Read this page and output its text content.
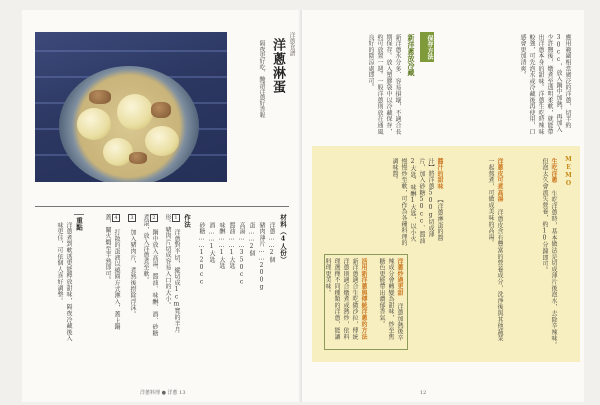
洋蔥食譜
洋蔥淋蛋
隔夜更好吃、醃漬洋蔥好香喔
材料（4人份）
洋蔥……2個
豬肉薄片……200g
蛋……2個
高湯……350cc
醬油……1大匙
味醂……1大匙
酒……1大匙
砂糖……120cc
作法
1 洋蔥對半切，縱切成1cm寬的半月形。豬肉片切成容易入口的大小。
2 鍋中放入高湯、醬油、味醂、酒、砂糖煮滾，放入洋蔥煮至軟。
3 加入豬肉片，煮熟後撈除浮沫。
4 打散的蛋液以繞圈方式淋入，蓋上鍋蓋，關火燜至半熟即可。
重點
洋蔥煮到軟透更能釋放甜味，隔夜冷藏後入味更佳，可依個人喜好調整。
洋蔥料理 ● 洋蔥 13
應用範圍相當廣泛的洋蔥，切半約30cc，放入鍋中加熱，再加入少許鹽後，燉煮至透明柔軟，就能帶出洋蔥本身的甜味。洋蔥生吃時辣味較強，可先泡水或冷藏後再使用，口感會更加清爽。
保存方法
新洋蔥放冷藏
新洋蔥水分多、容易損壞，不適合長期保存。放入塑膠袋中以冷藏保存，約可放置一週。一般洋蔥則放在通風良好的陰涼處即可。
MEMO
生吃洋蔥 生吃洋蔥時，基本做法是切成薄片後泡水，去除辛辣味。但泡太久會流失營養，約10分鐘即可。
洋蔥皮可煮高湯 洋蔥皮含有豐富的營養成分，洗淨後與其他蔬菜一起熬煮，可做成美味的高湯。
醬汁的甜味 【洋蔥淋蛋的醬汁】將洋蔥500g切成薄片，加入砂糖50cc、醬油2大匙、味醂1大匙，以小火慢慢炒至軟，可作為各種料理的調味醬。
洋蔥炒過更甜 洋蔥加熱後辛辣成分會轉變為甜味，炒至焦糖色更能帶出濃郁香氣。
活用新洋蔥與傳統洋蔥的方法 新洋蔥適合生吃做沙拉，傳統洋蔥則適合燉煮或熱炒，依料理選擇不同種類的洋蔥，能讓料理更美味。
12
